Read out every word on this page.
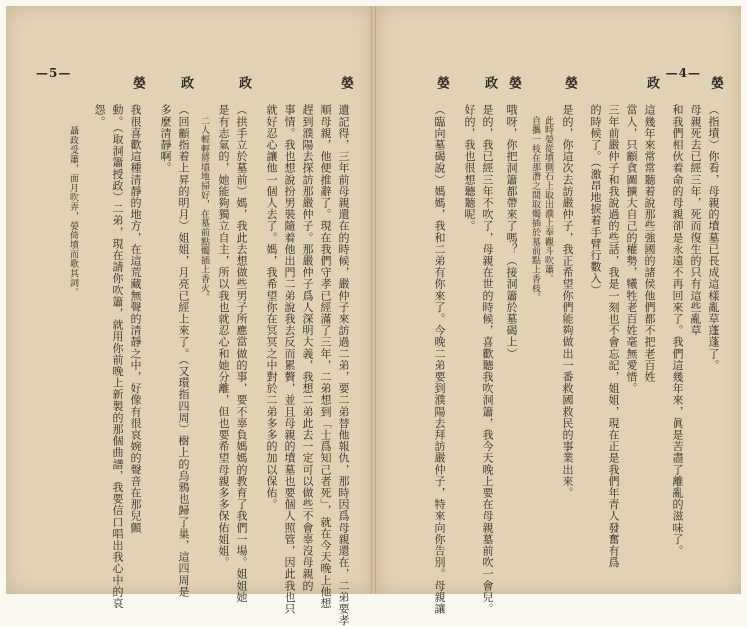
—5—
嫈
遺記得，三年前母親還在的時候，嚴仲子來訪過二弟，要二弟替他報仇，那時因爲母親還在，二弟要孝
順母親，他便推辭了。現在我們守孝已經滿了三年，二弟想到「士爲知己者死」，就在今天晚上他想
趕到濮陽去探訪那嚴仲子。那嚴仲子爲人深明大義，我想二弟此去一定可以做些不會辜沒母親的
事情。我也想說扮男裝隨着他出門二弟說我去反而累贅，並且母親的墳墓也要個人照管，因此我也只
就好忍心讓他一個人去了。媽，我希望你在冥冥之中對於二弟多多的加以保佑。
政
（拱手立於墓前）媽，我此去想做些男子所應當做的事，要不辜負媽媽的教育了我們一場。姐姐她
是有志氣的，她能夠獨立自主，所以我也就忍心和她分離，但也要希望母親多多保佑姐姐。
二人輕輕將墳地掃好，在墓前點燭插上香火。
政
（回顧指着上昇的明月）姐姐，月亮已經上來了。（又環指四周）樹上的烏鴉也歸了巢，這四周是
多麼清靜啊。
嫈
我很喜歡這種清靜的地方，在這荒藏無聲的清靜之中，好像有很哀婉的聲音在那兒顫
動。（取洞簫授政）二弟，現在請你吹簫，就用你前晚上新製的那個曲譜，我要信口唱出我心中的哀
怨。
聶政受簫，面月吹弄，嫈倚墳而歌其詞。
—4—
嫈
（指墳）你看，母親的墳墓已長成這樣亂草蓬蓬了。
母親死去已經三年，死而復生的只有這些亂草
和我們相伙着命的母親卻是永遠不再回來了。我們這幾年來，眞是苦盡了離亂的滋味了。
政
這幾年來常常聽着說那些強國的諸侯他們都不把老百姓
當人，只顧貪圖擴大自己的權勢，犧牲老百姓毫無愛惜。
三年前嚴仲子和我說過的些話，我是一刻也不會忘記，姐姐，現在正是我們年青人發奮有爲
的時候了。（激昂地捩着手臂行數入）
嫈
是的，你這次去訪嚴仲子，我正希望你們能夠做出一番救國救民的事業出來。
此時嫈從墳側石上取出濮上奉觀斗吹簫。
自攜一枝在那潛之間取燭插於墓前點上香枝。
嫈
哦呀，你把洞簫都帶來了嗎？（接洞簫於墓碣上）
政
是的，我已經三年不吹了，母親在世的時候，喜歡聽我吹洞簫，我今天晚上要在母親墓前吹一會兒。
好的，我也很想聽聽呢。
嫈
（臨向墓碣說）媽媽，我和二弟有你來了。今晚二弟要到濮陽去拜訪嚴仲子，特來向你告別。母親讓
